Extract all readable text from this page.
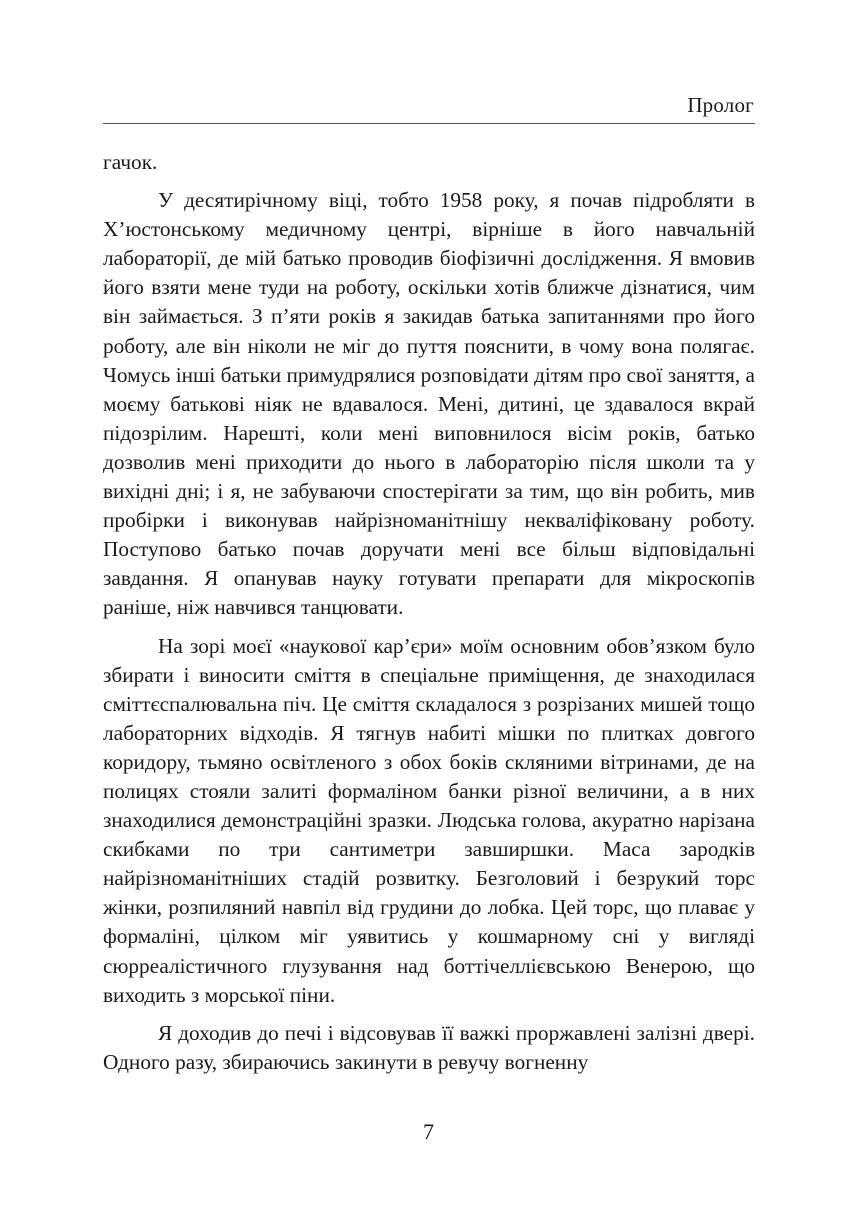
Пролог

гачок.

У десятирічному віці, тобто 1958 року, я почав підробляти в Х’юстонському медичному центрі, вірніше в його навчальній лабораторії, де мій батько проводив біофізичні дослідження. Я вмовив його взяти мене туди на роботу, оскільки хотів ближче дізнатися, чим він займається. З п’яти років я закидав батька запитаннями про його роботу, але він ніколи не міг до пуття пояснити, в чому вона полягає. Чомусь інші батьки примудрялися розповідати дітям про свої заняття, а моєму батькові ніяк не вдавалося. Мені, дитині, це здавалося вкрай підозрілим. Нарешті, коли мені виповнилося вісім років, батько дозволив мені приходити до нього в лабораторію після школи та у вихідні дні; і я, не забуваючи спостерігати за тим, що він робить, мив пробірки і виконував найрізноманітнішу некваліфіковану роботу. Поступово батько почав доручати мені все більш відповідальні завдання. Я опанував науку готувати препарати для мікроскопів раніше, ніж навчився танцювати.

На зорі моєї «наукової кар’єри» моїм основним обов’язком було збирати і виносити сміття в спеціальне приміщення, де знаходилася сміттєспалювальна піч. Це сміття складалося з розрізаних мишей тощо лабораторних відходів. Я тягнув набиті мішки по плитках довгого коридору, тьмяно освітленого з обох боків скляними вітринами, де на полицях стояли залиті формаліном банки різної величини, а в них знаходилися демонстраційні зразки. Людська голова, акуратно нарізана скибками по три сантиметри завширшки. Маса зародків найрізноманітніших стадій розвитку. Безголовий і безрукий торс жінки, розпиляний навпіл від грудини до лобка. Цей торс, що плаває у формаліні, цілком міг уявитись у кошмарному сні у вигляді сюрреалістичного глузування над боттічеллієвською Венерою, що виходить з морської піни.

Я доходив до печі і відсовував її важкі проржавлені залізні двері. Одного разу, збираючись закинути в ревучу вогненну

7
